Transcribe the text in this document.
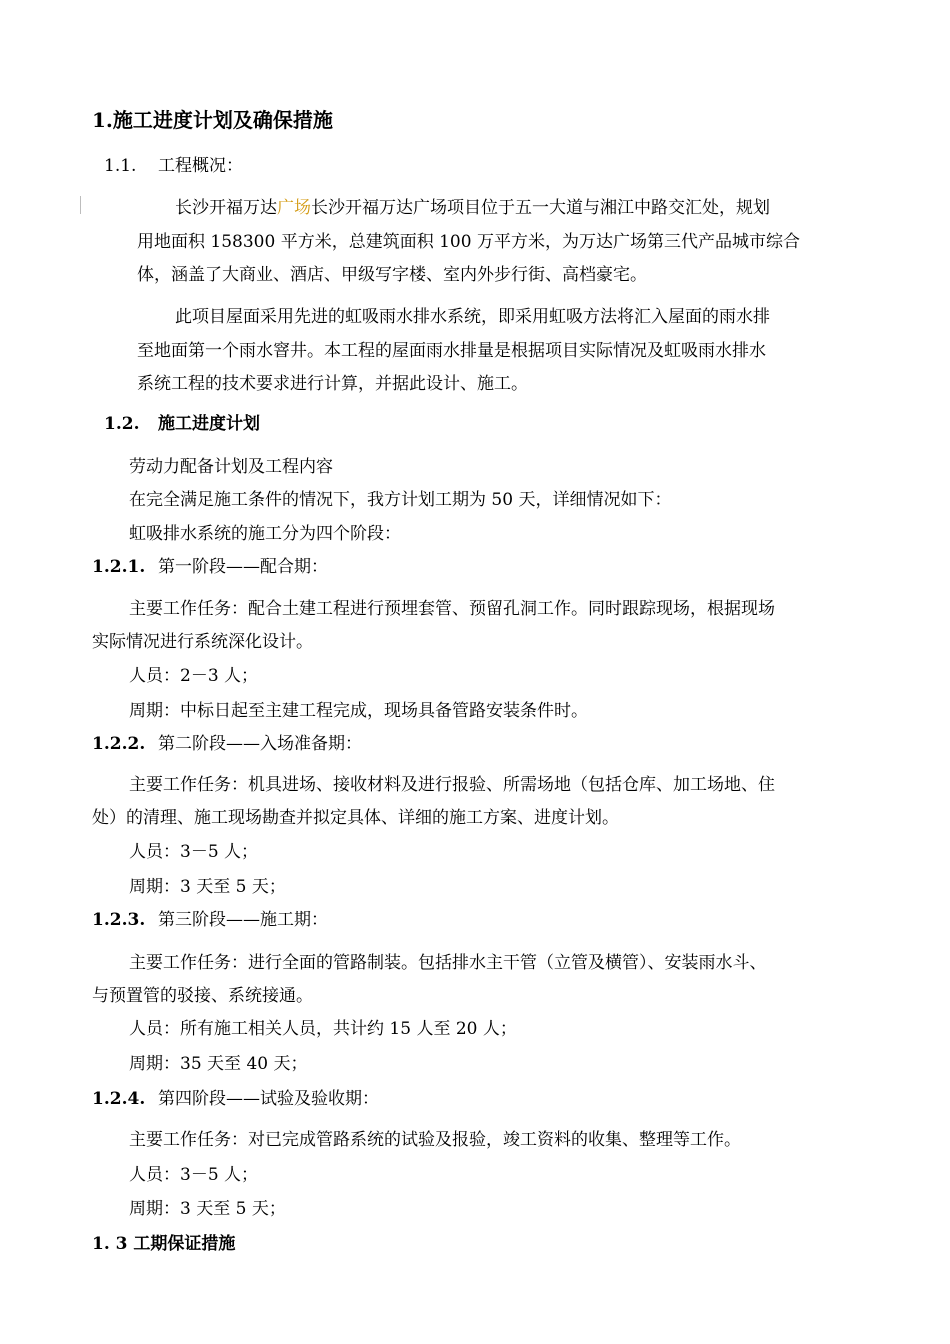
1.施工进度计划及确保措施
1.1. 工程概况：
长沙开福万达广场长沙开福万达广场项目位于五一大道与湘江中路交汇处，规划
用地面积 158300 平方米，总建筑面积 100 万平方米，为万达广场第三代产品城市综合
体，涵盖了大商业、酒店、甲级写字楼、室内外步行街、高档豪宅。
此项目屋面采用先进的虹吸雨水排水系统，即采用虹吸方法将汇入屋面的雨水排
至地面第一个雨水窨井。本工程的屋面雨水排量是根据项目实际情况及虹吸雨水排水
系统工程的技术要求进行计算，并据此设计、施工。
1.2. 施工进度计划
劳动力配备计划及工程内容
在完全满足施工条件的情况下，我方计划工期为 50 天，详细情况如下：
虹吸排水系统的施工分为四个阶段：
1.2.1. 第一阶段——配合期：
主要工作任务：配合土建工程进行预埋套管、预留孔洞工作。同时跟踪现场，根据现场
实际情况进行系统深化设计。
人员：2－3 人；
周期：中标日起至主建工程完成，现场具备管路安装条件时。
1.2.2. 第二阶段——入场准备期：
主要工作任务：机具进场、接收材料及进行报验、所需场地（包括仓库、加工场地、住
处）的清理、施工现场勘查并拟定具体、详细的施工方案、进度计划。
人员：3－5 人；
周期：3 天至 5 天；
1.2.3. 第三阶段——施工期：
主要工作任务：进行全面的管路制装。包括排水主干管（立管及横管）、安装雨水斗、
与预置管的驳接、系统接通。
人员：所有施工相关人员，共计约 15 人至 20 人；
周期：35 天至 40 天；
1.2.4. 第四阶段——试验及验收期：
主要工作任务：对已完成管路系统的试验及报验，竣工资料的收集、整理等工作。
人员：3－5 人；
周期：3 天至 5 天；
1. 3 工期保证措施
